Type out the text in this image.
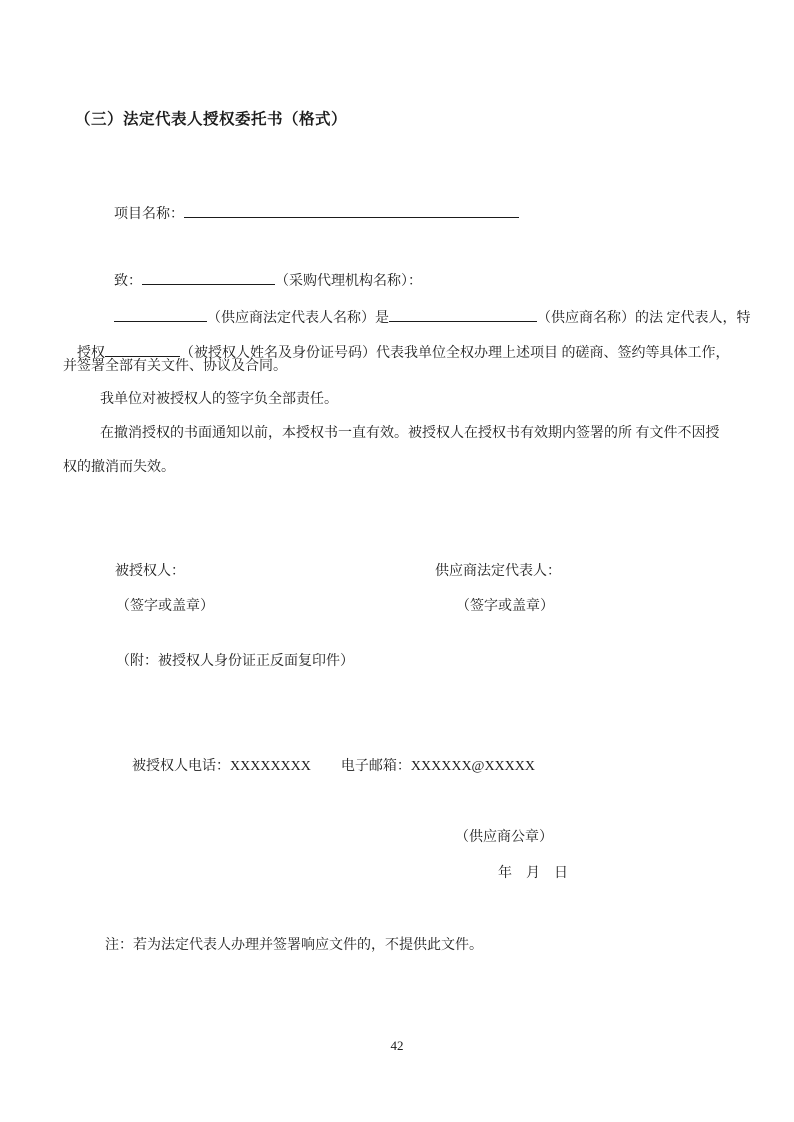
（三）法定代表人授权委托书（格式）

项目名称：

致：	（采购代理机构名称）：

（供应商法定代表人名称）是	（供应商名称）的法 定代表人，特

授权	（被授权人姓名及身份证号码）代表我单位全权办理上述项目 的磋商、签约等具体工作，

并签署全部有关文件、协议及合同。
我单位对被授权人的签字负全部责任。
在撤消授权的书面通知以前，本授权书一直有效。被授权人在授权书有效期内签署的所 有文件不因授
权的撤消而失效。
被授权人：	供应商法定代表人：
（签字或盖章）	（签字或盖章）
（附：被授权人身份证正反面复印件）

被授权人电话：XXXXXXXX 电子邮箱：XXXXXX@XXXXX

（供应商公章）
年    月    日
注：若为法定代表人办理并签署响应文件的，不提供此文件。
42
